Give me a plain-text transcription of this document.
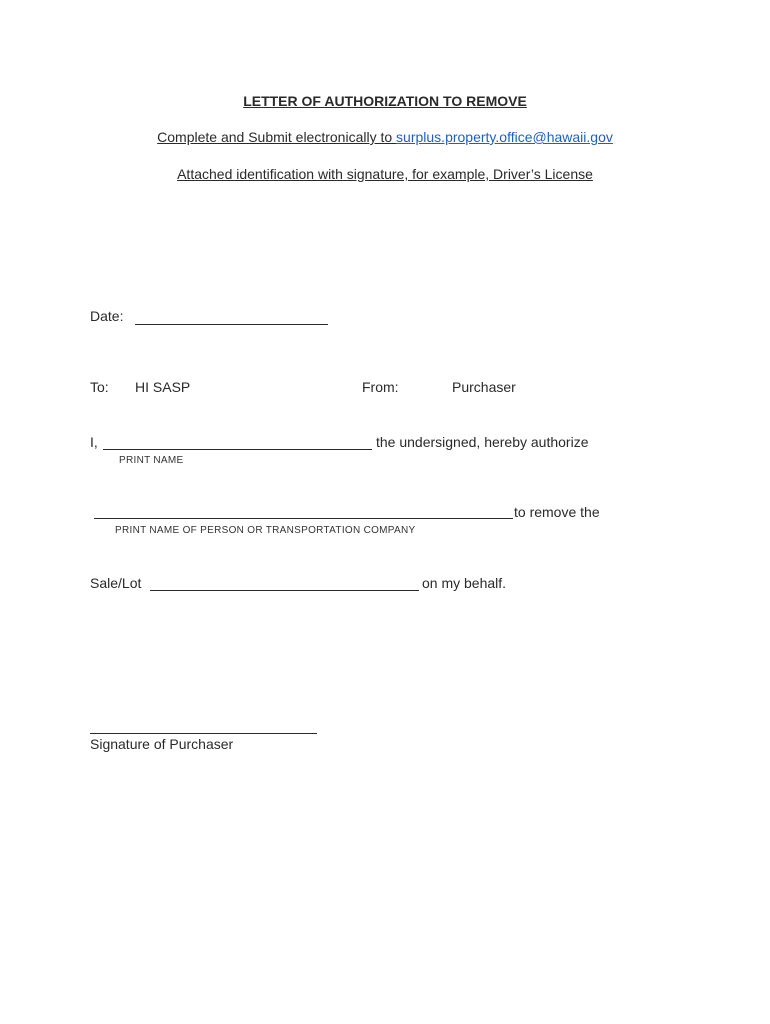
LETTER OF AUTHORIZATION TO REMOVE
Complete and Submit electronically to surplus.property.office@hawaii.gov
Attached identification with signature, for example, Driver’s License
Date:
To: HI SASP	From:	Purchaser
I,	the undersigned, hereby authorize
PRINT NAME
to remove the
PRINT NAME OF PERSON OR TRANSPORTATION COMPANY
Sale/Lot	on my behalf.
Signature of Purchaser
